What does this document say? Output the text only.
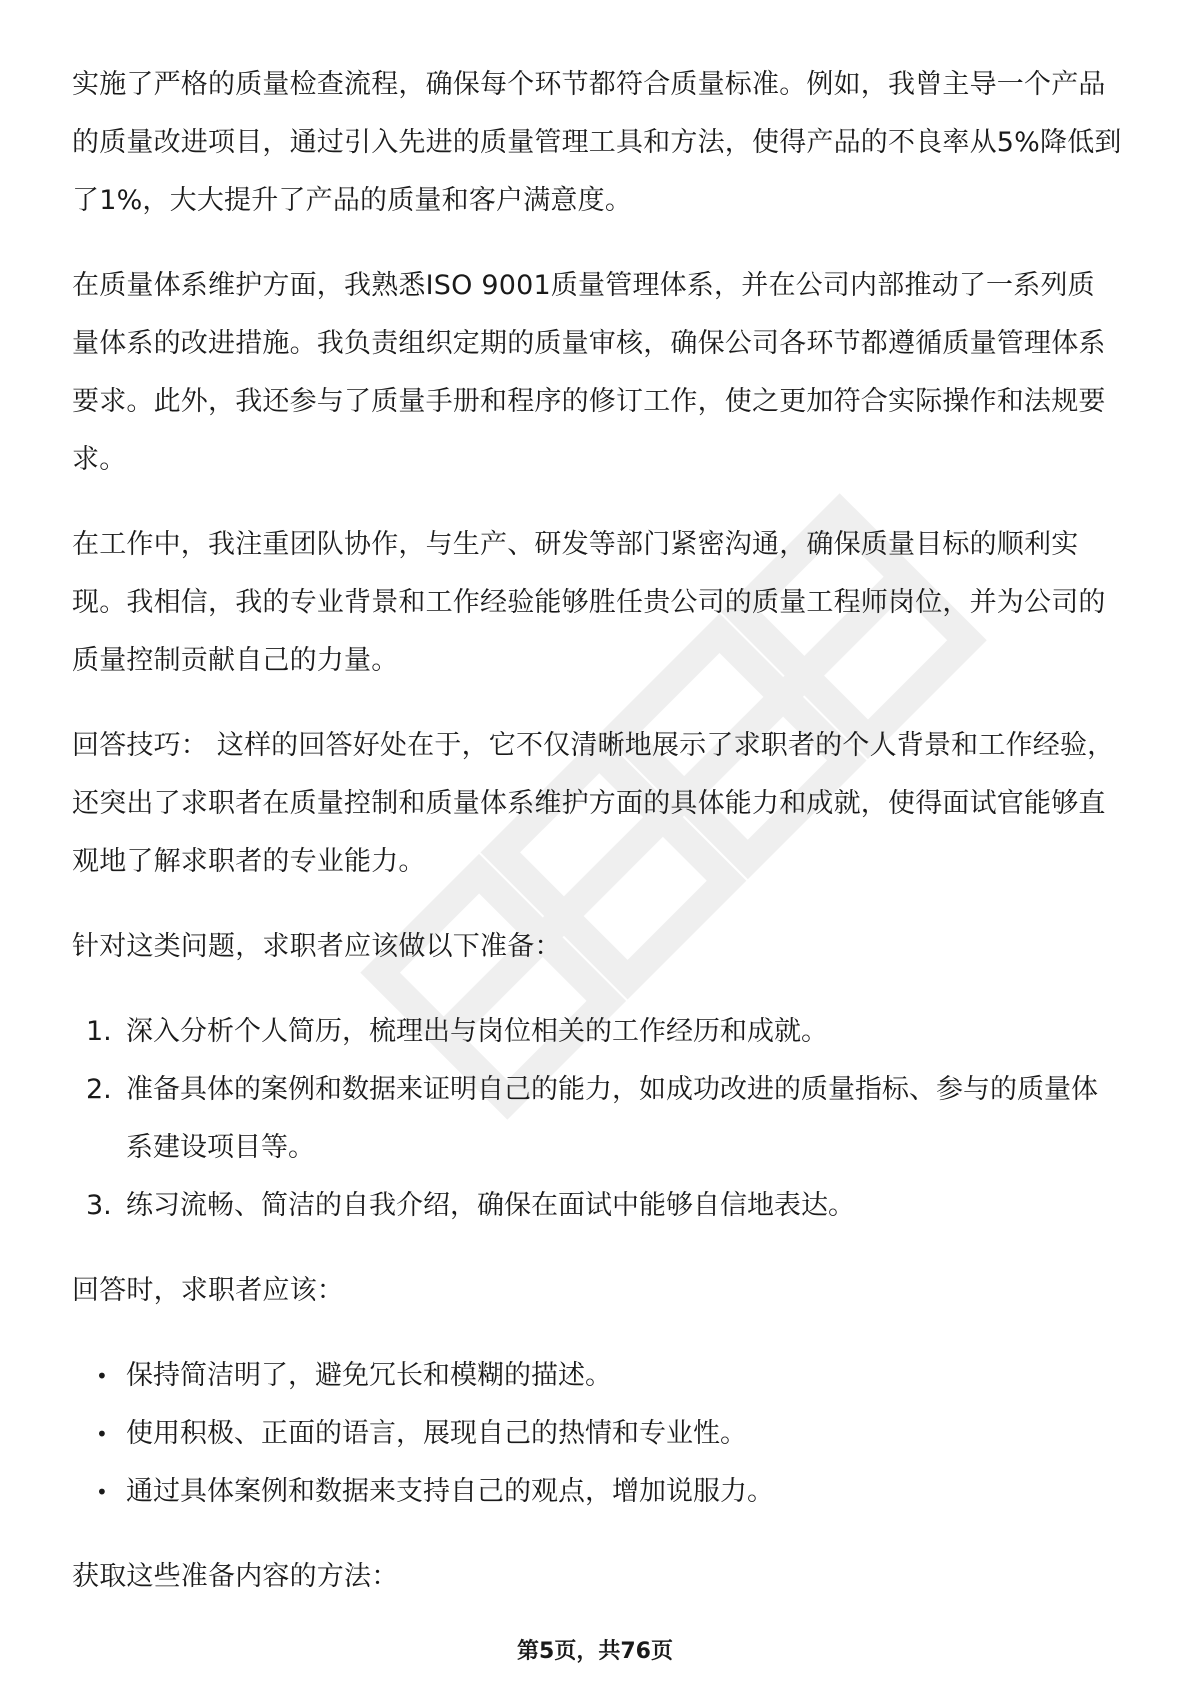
实施了严格的质量检查流程，确保每个环节都符合质量标准。例如，我曾主导一个产品的质量改进项目，通过引入先进的质量管理工具和方法，使得产品的不良率从5%降低到了1%，大大提升了产品的质量和客户满意度。

在质量体系维护方面，我熟悉ISO 9001质量管理体系，并在公司内部推动了一系列质量体系的改进措施。我负责组织定期的质量审核，确保公司各环节都遵循质量管理体系要求。此外，我还参与了质量手册和程序的修订工作，使之更加符合实际操作和法规要求。

在工作中，我注重团队协作，与生产、研发等部门紧密沟通，确保质量目标的顺利实现。我相信，我的专业背景和工作经验能够胜任贵公司的质量工程师岗位，并为公司的质量控制贡献自己的力量。

回答技巧： 这样的回答好处在于，它不仅清晰地展示了求职者的个人背景和工作经验，还突出了求职者在质量控制和质量体系维护方面的具体能力和成就，使得面试官能够直观地了解求职者的专业能力。

针对这类问题，求职者应该做以下准备：

1. 深入分析个人简历，梳理出与岗位相关的工作经历和成就。
2. 准备具体的案例和数据来证明自己的能力，如成功改进的质量指标、参与的质量体系建设项目等。
3. 练习流畅、简洁的自我介绍，确保在面试中能够自信地表达。

回答时，求职者应该：

• 保持简洁明了，避免冗长和模糊的描述。
• 使用积极、正面的语言，展现自己的热情和专业性。
• 通过具体案例和数据来支持自己的观点，增加说服力。

获取这些准备内容的方法：

第5页，共76页
